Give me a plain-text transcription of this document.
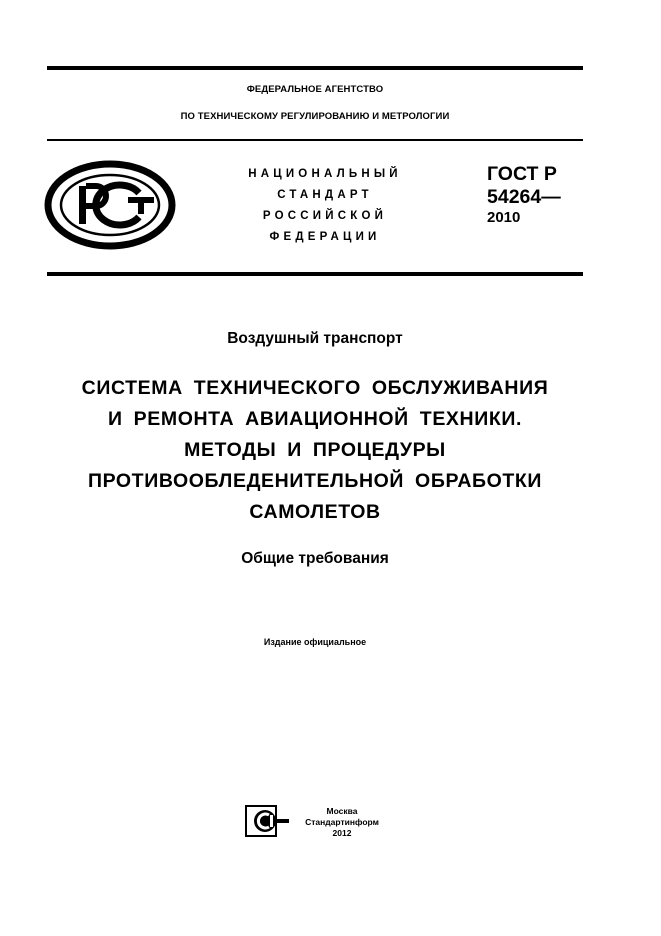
ФЕДЕРАЛЬНОЕ АГЕНТСТВО
ПО ТЕХНИЧЕСКОМУ РЕГУЛИРОВАНИЮ И МЕТРОЛОГИИ
НАЦИОНАЛЬНЫЙ
СТАНДАРТ
РОССИЙСКОЙ
ФЕДЕРАЦИИ
ГОСТ Р
54264—
2010
Воздушный транспорт
СИСТЕМА ТЕХНИЧЕСКОГО ОБСЛУЖИВАНИЯ
И РЕМОНТА АВИАЦИОННОЙ ТЕХНИКИ.
МЕТОДЫ И ПРОЦЕДУРЫ
ПРОТИВООБЛЕДЕНИТЕЛЬНОЙ ОБРАБОТКИ
САМОЛЕТОВ
Общие требования
Издание официальное
Москва
Стандартинформ
2012
